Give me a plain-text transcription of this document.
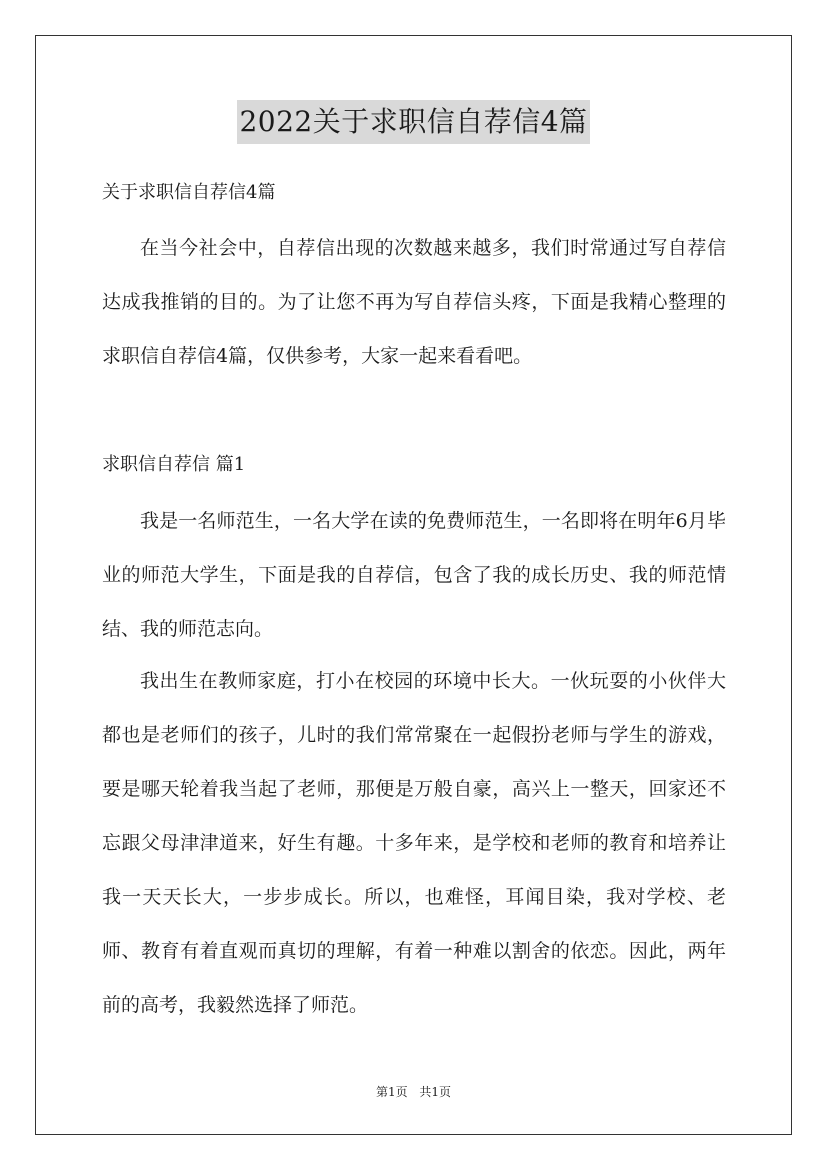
2022关于求职信自荐信4篇
关于求职信自荐信4篇

在当今社会中，自荐信出现的次数越来越多，我们时常通过写自荐信达成我推销的目的。为了让您不再为写自荐信头疼，下面是我精心整理的求职信自荐信4篇，仅供参考，大家一起来看看吧。

求职信自荐信 篇1

我是一名师范生，一名大学在读的免费师范生，一名即将在明年6月毕业的师范大学生，下面是我的自荐信，包含了我的成长历史、我的师范情结、我的师范志向。

我出生在教师家庭，打小在校园的环境中长大。一伙玩耍的小伙伴大都也是老师们的孩子，儿时的我们常常聚在一起假扮老师与学生的游戏，要是哪天轮着我当起了老师，那便是万般自豪，高兴上一整天，回家还不忘跟父母津津道来，好生有趣。十多年来，是学校和老师的教育和培养让我一天天长大，一步步成长。所以，也难怪，耳闻目染，我对学校、老师、教育有着直观而真切的理解，有着一种难以割舍的依恋。因此，两年前的高考，我毅然选择了师范。

第1页 共1页
